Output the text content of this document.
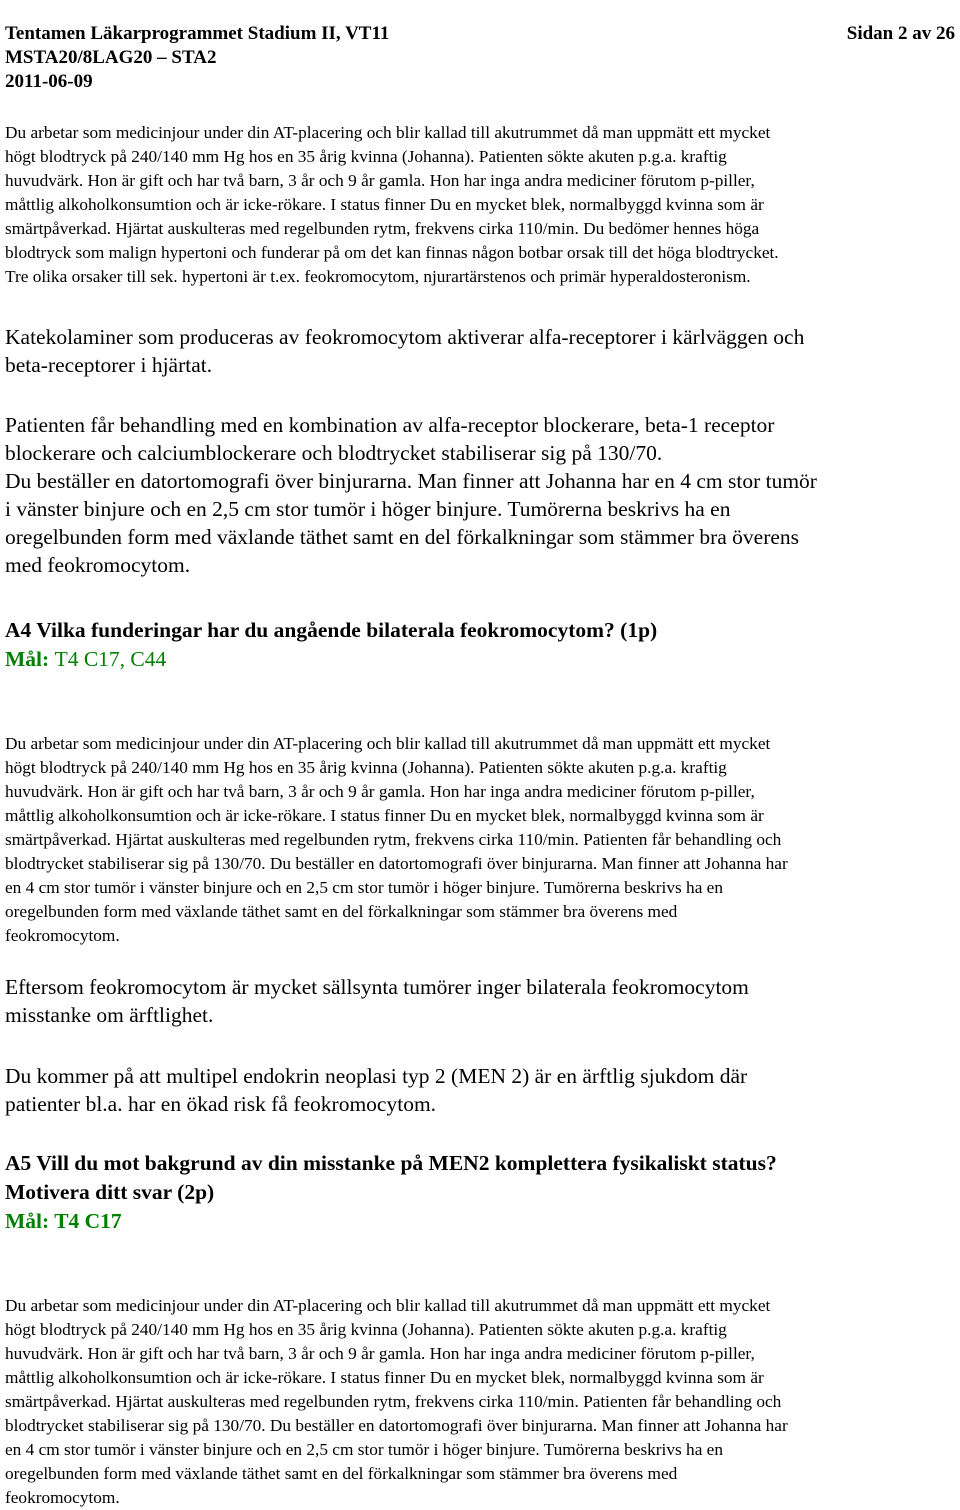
Tentamen Läkarprogrammet Stadium II, VT11
MSTA20/8LAG20 – STA2
2011-06-09
Sidan 2 av 26
Du arbetar som medicinjour under din AT-placering och blir kallad till akutrummet då man uppmätt ett mycket
högt blodtryck på 240/140 mm Hg hos en 35 årig kvinna (Johanna). Patienten sökte akuten p.g.a. kraftig
huvudvärk. Hon är gift och har två barn, 3 år och 9 år gamla. Hon har inga andra mediciner förutom p-piller,
måttlig alkoholkonsumtion och är icke-rökare. I status finner Du en mycket blek, normalbyggd kvinna som är
smärtpåverkad. Hjärtat auskulteras med regelbunden rytm, frekvens cirka 110/min. Du bedömer hennes höga
blodtryck som malign hypertoni och funderar på om det kan finnas någon botbar orsak till det höga blodtrycket.
Tre olika orsaker till sek. hypertoni är t.ex. feokromocytom, njurartärstenos och primär hyperaldosteronism.
Katekolaminer som produceras av feokromocytom aktiverar alfa-receptorer i kärlväggen och
beta-receptorer i hjärtat.
Patienten får behandling med en kombination av alfa-receptor blockerare, beta-1 receptor
blockerare och calciumblockerare och blodtrycket stabiliserar sig på 130/70.
Du beställer en datortomografi över binjurarna. Man finner att Johanna har en 4 cm stor tumör
i vänster binjure och en 2,5 cm stor tumör i höger binjure. Tumörerna beskrivs ha en
oregelbunden form med växlande täthet samt en del förkalkningar som stämmer bra överens
med feokromocytom.
A4 Vilka funderingar har du angående bilaterala feokromocytom? (1p)
Mål: T4 C17, C44
Du arbetar som medicinjour under din AT-placering och blir kallad till akutrummet då man uppmätt ett mycket
högt blodtryck på 240/140 mm Hg hos en 35 årig kvinna (Johanna). Patienten sökte akuten p.g.a. kraftig
huvudvärk. Hon är gift och har två barn, 3 år och 9 år gamla. Hon har inga andra mediciner förutom p-piller,
måttlig alkoholkonsumtion och är icke-rökare. I status finner Du en mycket blek, normalbyggd kvinna som är
smärtpåverkad. Hjärtat auskulteras med regelbunden rytm, frekvens cirka 110/min. Patienten får behandling och
blodtrycket stabiliserar sig på 130/70. Du beställer en datortomografi över binjurarna. Man finner att Johanna har
en 4 cm stor tumör i vänster binjure och en 2,5 cm stor tumör i höger binjure. Tumörerna beskrivs ha en
oregelbunden form med växlande täthet samt en del förkalkningar som stämmer bra överens med
feokromocytom.
Eftersom feokromocytom är mycket sällsynta tumörer inger bilaterala feokromocytom
misstanke om ärftlighet.
Du kommer på att multipel endokrin neoplasi typ 2 (MEN 2) är en ärftlig sjukdom där
patienter bl.a. har en ökad risk få feokromocytom.
A5 Vill du mot bakgrund av din misstanke på MEN2 komplettera fysikaliskt status?
Motivera ditt svar (2p)
Mål: T4 C17
Du arbetar som medicinjour under din AT-placering och blir kallad till akutrummet då man uppmätt ett mycket
högt blodtryck på 240/140 mm Hg hos en 35 årig kvinna (Johanna). Patienten sökte akuten p.g.a. kraftig
huvudvärk. Hon är gift och har två barn, 3 år och 9 år gamla. Hon har inga andra mediciner förutom p-piller,
måttlig alkoholkonsumtion och är icke-rökare. I status finner Du en mycket blek, normalbyggd kvinna som är
smärtpåverkad. Hjärtat auskulteras med regelbunden rytm, frekvens cirka 110/min. Patienten får behandling och
blodtrycket stabiliserar sig på 130/70. Du beställer en datortomografi över binjurarna. Man finner att Johanna har
en 4 cm stor tumör i vänster binjure och en 2,5 cm stor tumör i höger binjure. Tumörerna beskrivs ha en
oregelbunden form med växlande täthet samt en del förkalkningar som stämmer bra överens med
feokromocytom.
